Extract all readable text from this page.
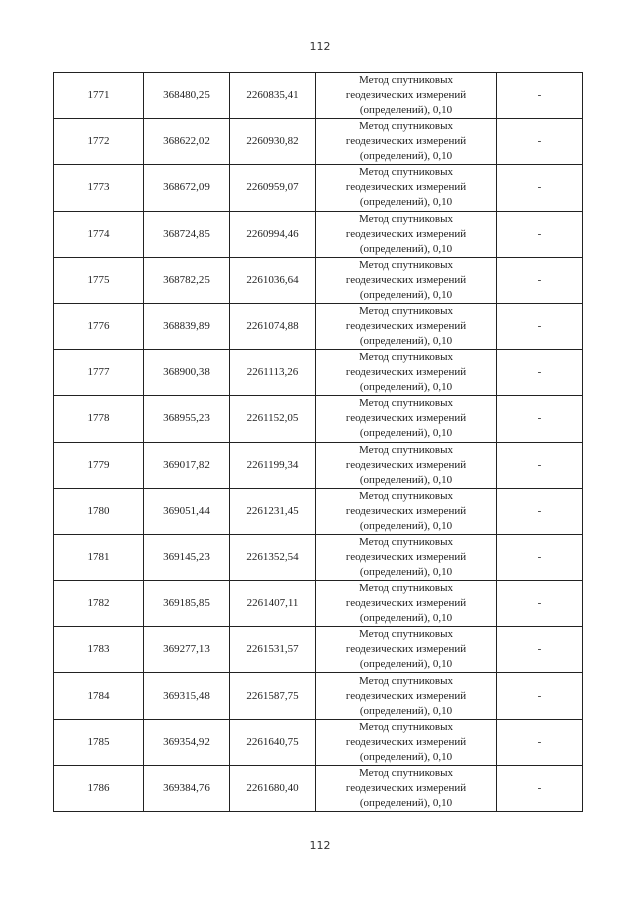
112
1771	368480,25	2260835,41	Метод спутниковых
геодезических измерений
(определений), 0,10	-
1772	368622,02	2260930,82	Метод спутниковых
геодезических измерений
(определений), 0,10	-
1773	368672,09	2260959,07	Метод спутниковых
геодезических измерений
(определений), 0,10	-
1774	368724,85	2260994,46	Метод спутниковых
геодезических измерений
(определений), 0,10	-
1775	368782,25	2261036,64	Метод спутниковых
геодезических измерений
(определений), 0,10	-
1776	368839,89	2261074,88	Метод спутниковых
геодезических измерений
(определений), 0,10	-
1777	368900,38	2261113,26	Метод спутниковых
геодезических измерений
(определений), 0,10	-
1778	368955,23	2261152,05	Метод спутниковых
геодезических измерений
(определений), 0,10	-
1779	369017,82	2261199,34	Метод спутниковых
геодезических измерений
(определений), 0,10	-
1780	369051,44	2261231,45	Метод спутниковых
геодезических измерений
(определений), 0,10	-
1781	369145,23	2261352,54	Метод спутниковых
геодезических измерений
(определений), 0,10	-
1782	369185,85	2261407,11	Метод спутниковых
геодезических измерений
(определений), 0,10	-
1783	369277,13	2261531,57	Метод спутниковых
геодезических измерений
(определений), 0,10	-
1784	369315,48	2261587,75	Метод спутниковых
геодезических измерений
(определений), 0,10	-
1785	369354,92	2261640,75	Метод спутниковых
геодезических измерений
(определений), 0,10	-
1786	369384,76	2261680,40	Метод спутниковых
геодезических измерений
(определений), 0,10	-
112
